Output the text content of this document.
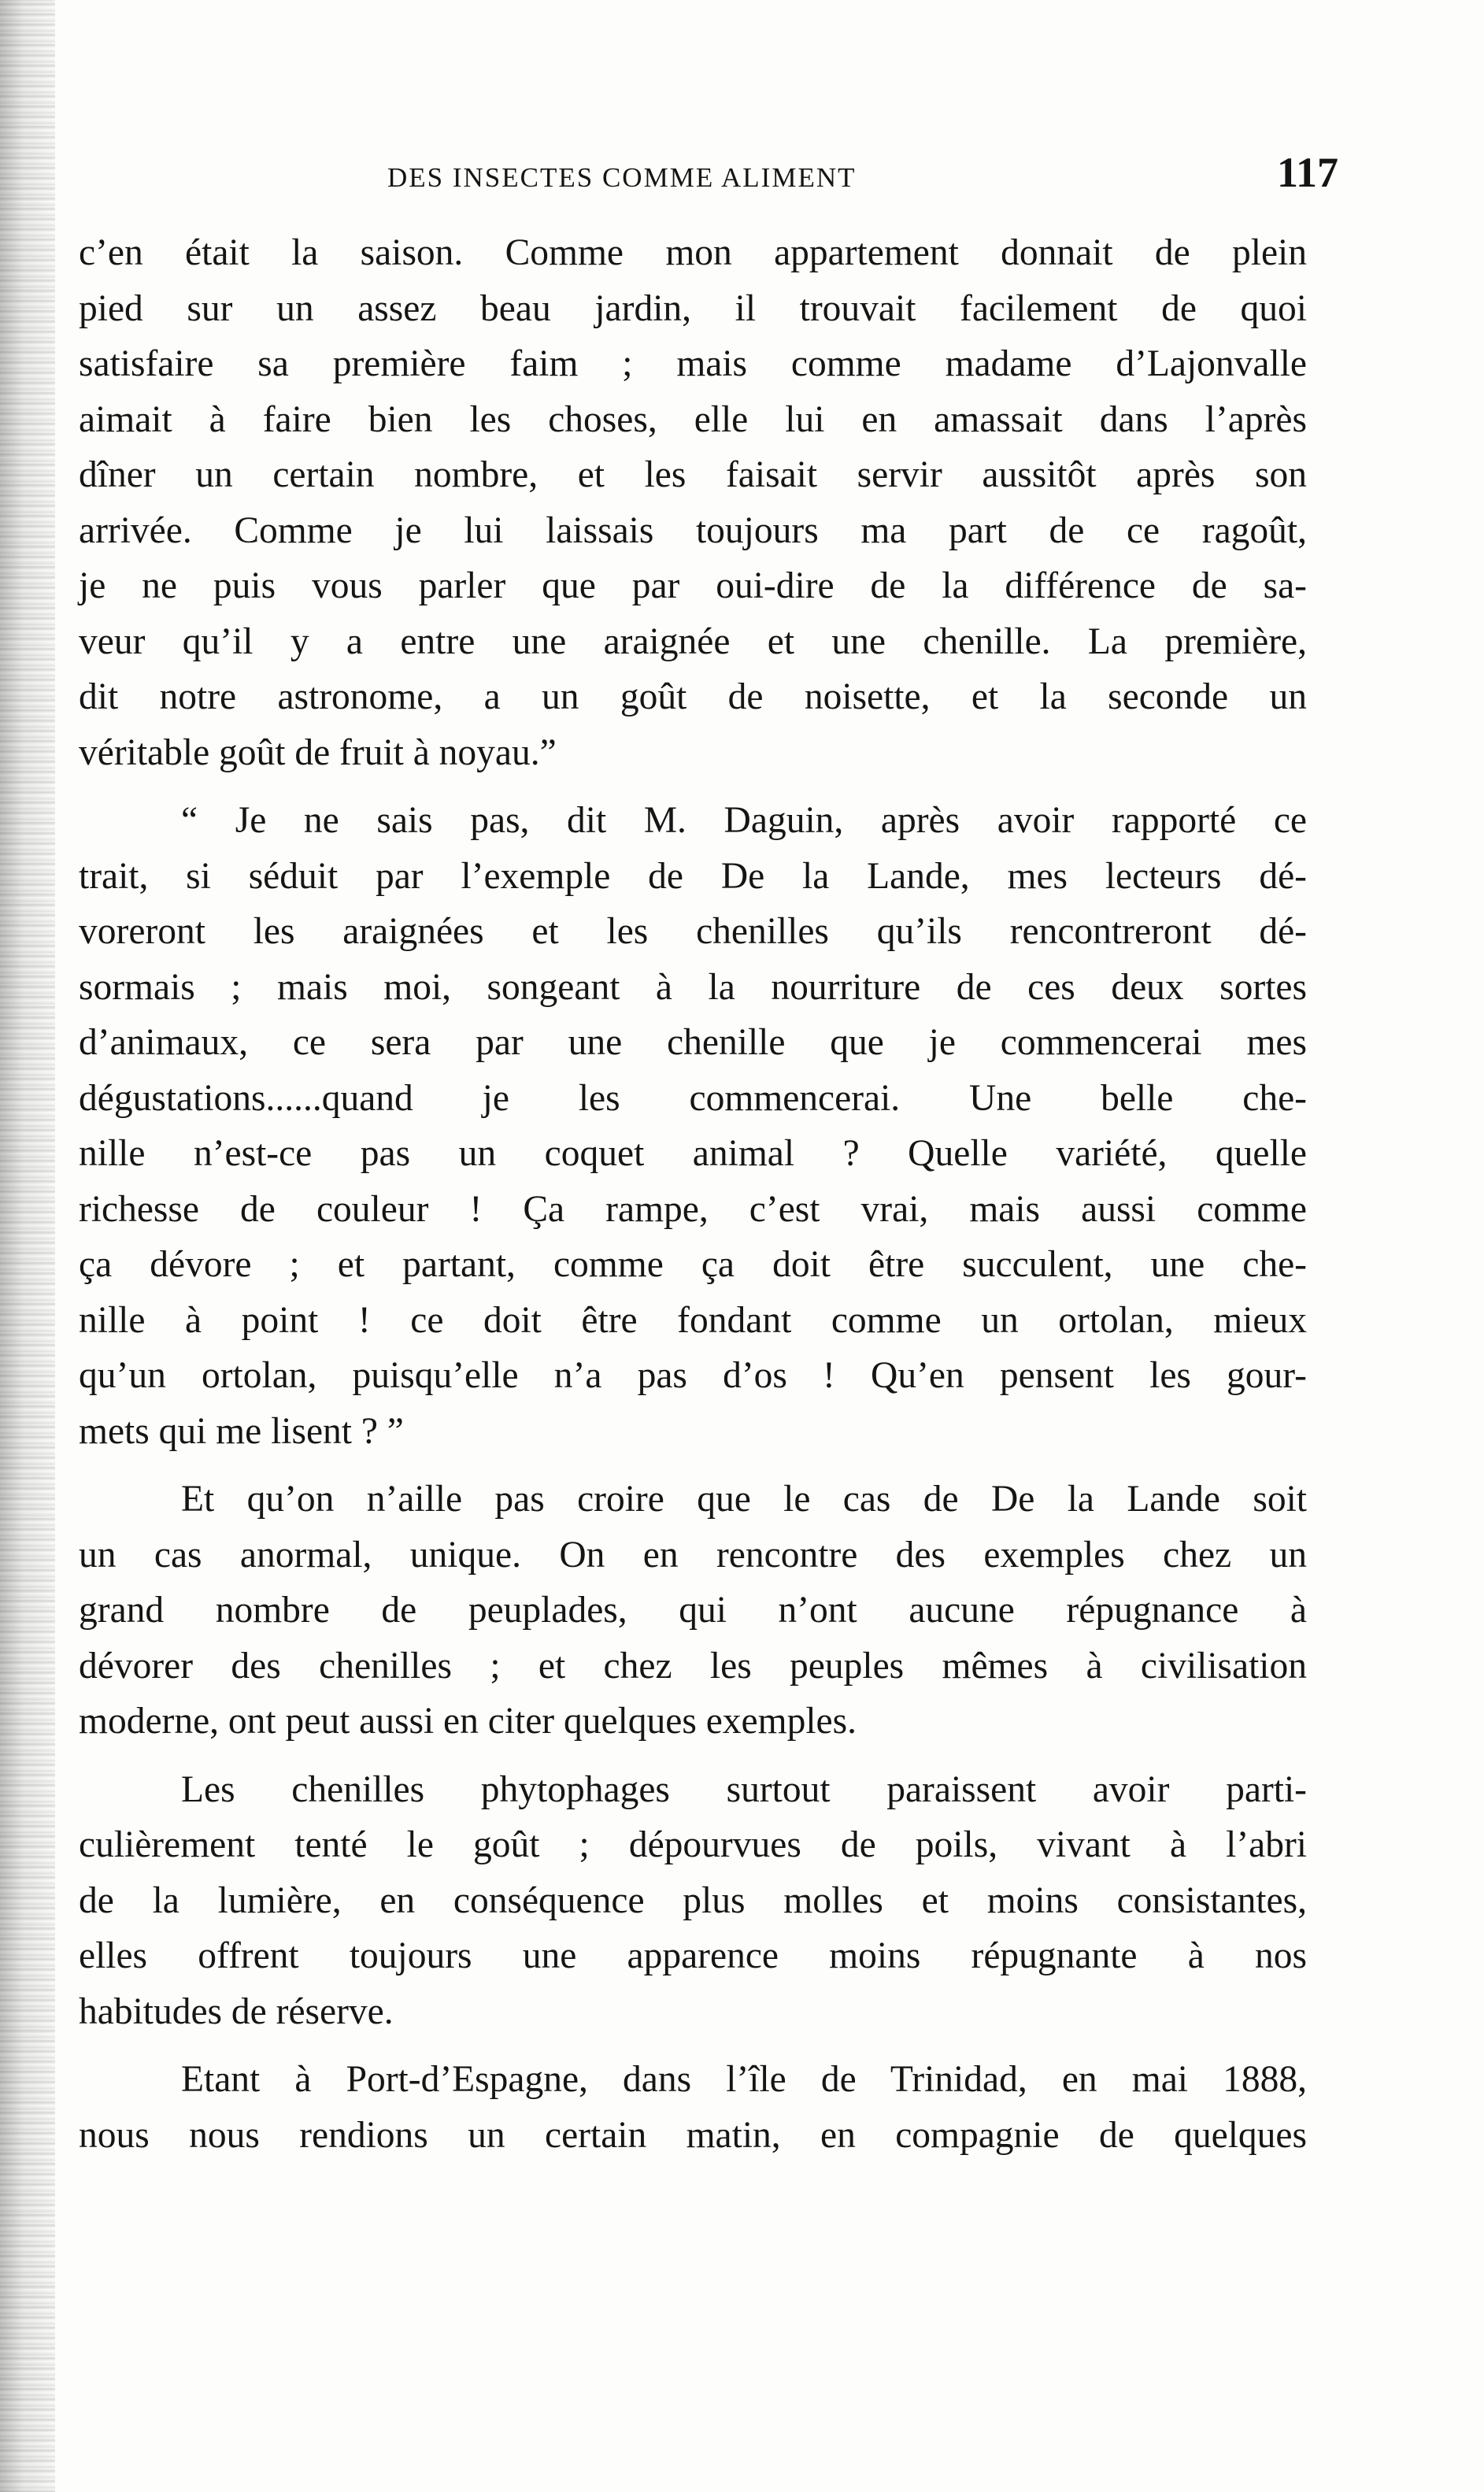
DES INSECTES COMME ALIMENT	117

c’en était la saison. Comme mon appartement donnait de plein
pied sur un assez beau jardin, il trouvait facilement de quoi
satisfaire sa première faim ; mais comme madame d’Lajonvalle
aimait à faire bien les choses, elle lui en amassait dans l’après
dîner un certain nombre, et les faisait servir aussitôt après son
arrivée. Comme je lui laissais toujours ma part de ce ragoût,
je ne puis vous parler que par oui-dire de la différence de sa-
veur qu’il y a entre une araignée et une chenille. La première,
dit notre astronome, a un goût de noisette, et la seconde un
véritable goût de fruit à noyau.”

“ Je ne sais pas, dit M. Daguin, après avoir rapporté ce
trait, si séduit par l’exemple de De la Lande, mes lecteurs dé-
voreront les araignées et les chenilles qu’ils rencontreront dé-
sormais ; mais moi, songeant à la nourriture de ces deux sortes
d’animaux, ce sera par une chenille que je commencerai mes
dégustations......quand je les commencerai. Une belle che-
nille n’est-ce pas un coquet animal ? Quelle variété, quelle
richesse de couleur ! Ça rampe, c’est vrai, mais aussi comme
ça dévore ; et partant, comme ça doit être succulent, une che-
nille à point ! ce doit être fondant comme un ortolan, mieux
qu’un ortolan, puisqu’elle n’a pas d’os ! Qu’en pensent les gour-
mets qui me lisent ? ”

Et qu’on n’aille pas croire que le cas de De la Lande soit
un cas anormal, unique. On en rencontre des exemples chez un
grand nombre de peuplades, qui n’ont aucune répugnance à
dévorer des chenilles ; et chez les peuples mêmes à civilisation
moderne, ont peut aussi en citer quelques exemples.

Les chenilles phytophages surtout paraissent avoir parti-
culièrement tenté le goût ; dépourvues de poils, vivant à l’abri
de la lumière, en conséquence plus molles et moins consistantes,
elles offrent toujours une apparence moins répugnante à nos
habitudes de réserve.

Etant à Port-d’Espagne, dans l’île de Trinidad, en mai 1888,
nous nous rendions un certain matin, en compagnie de quelques
